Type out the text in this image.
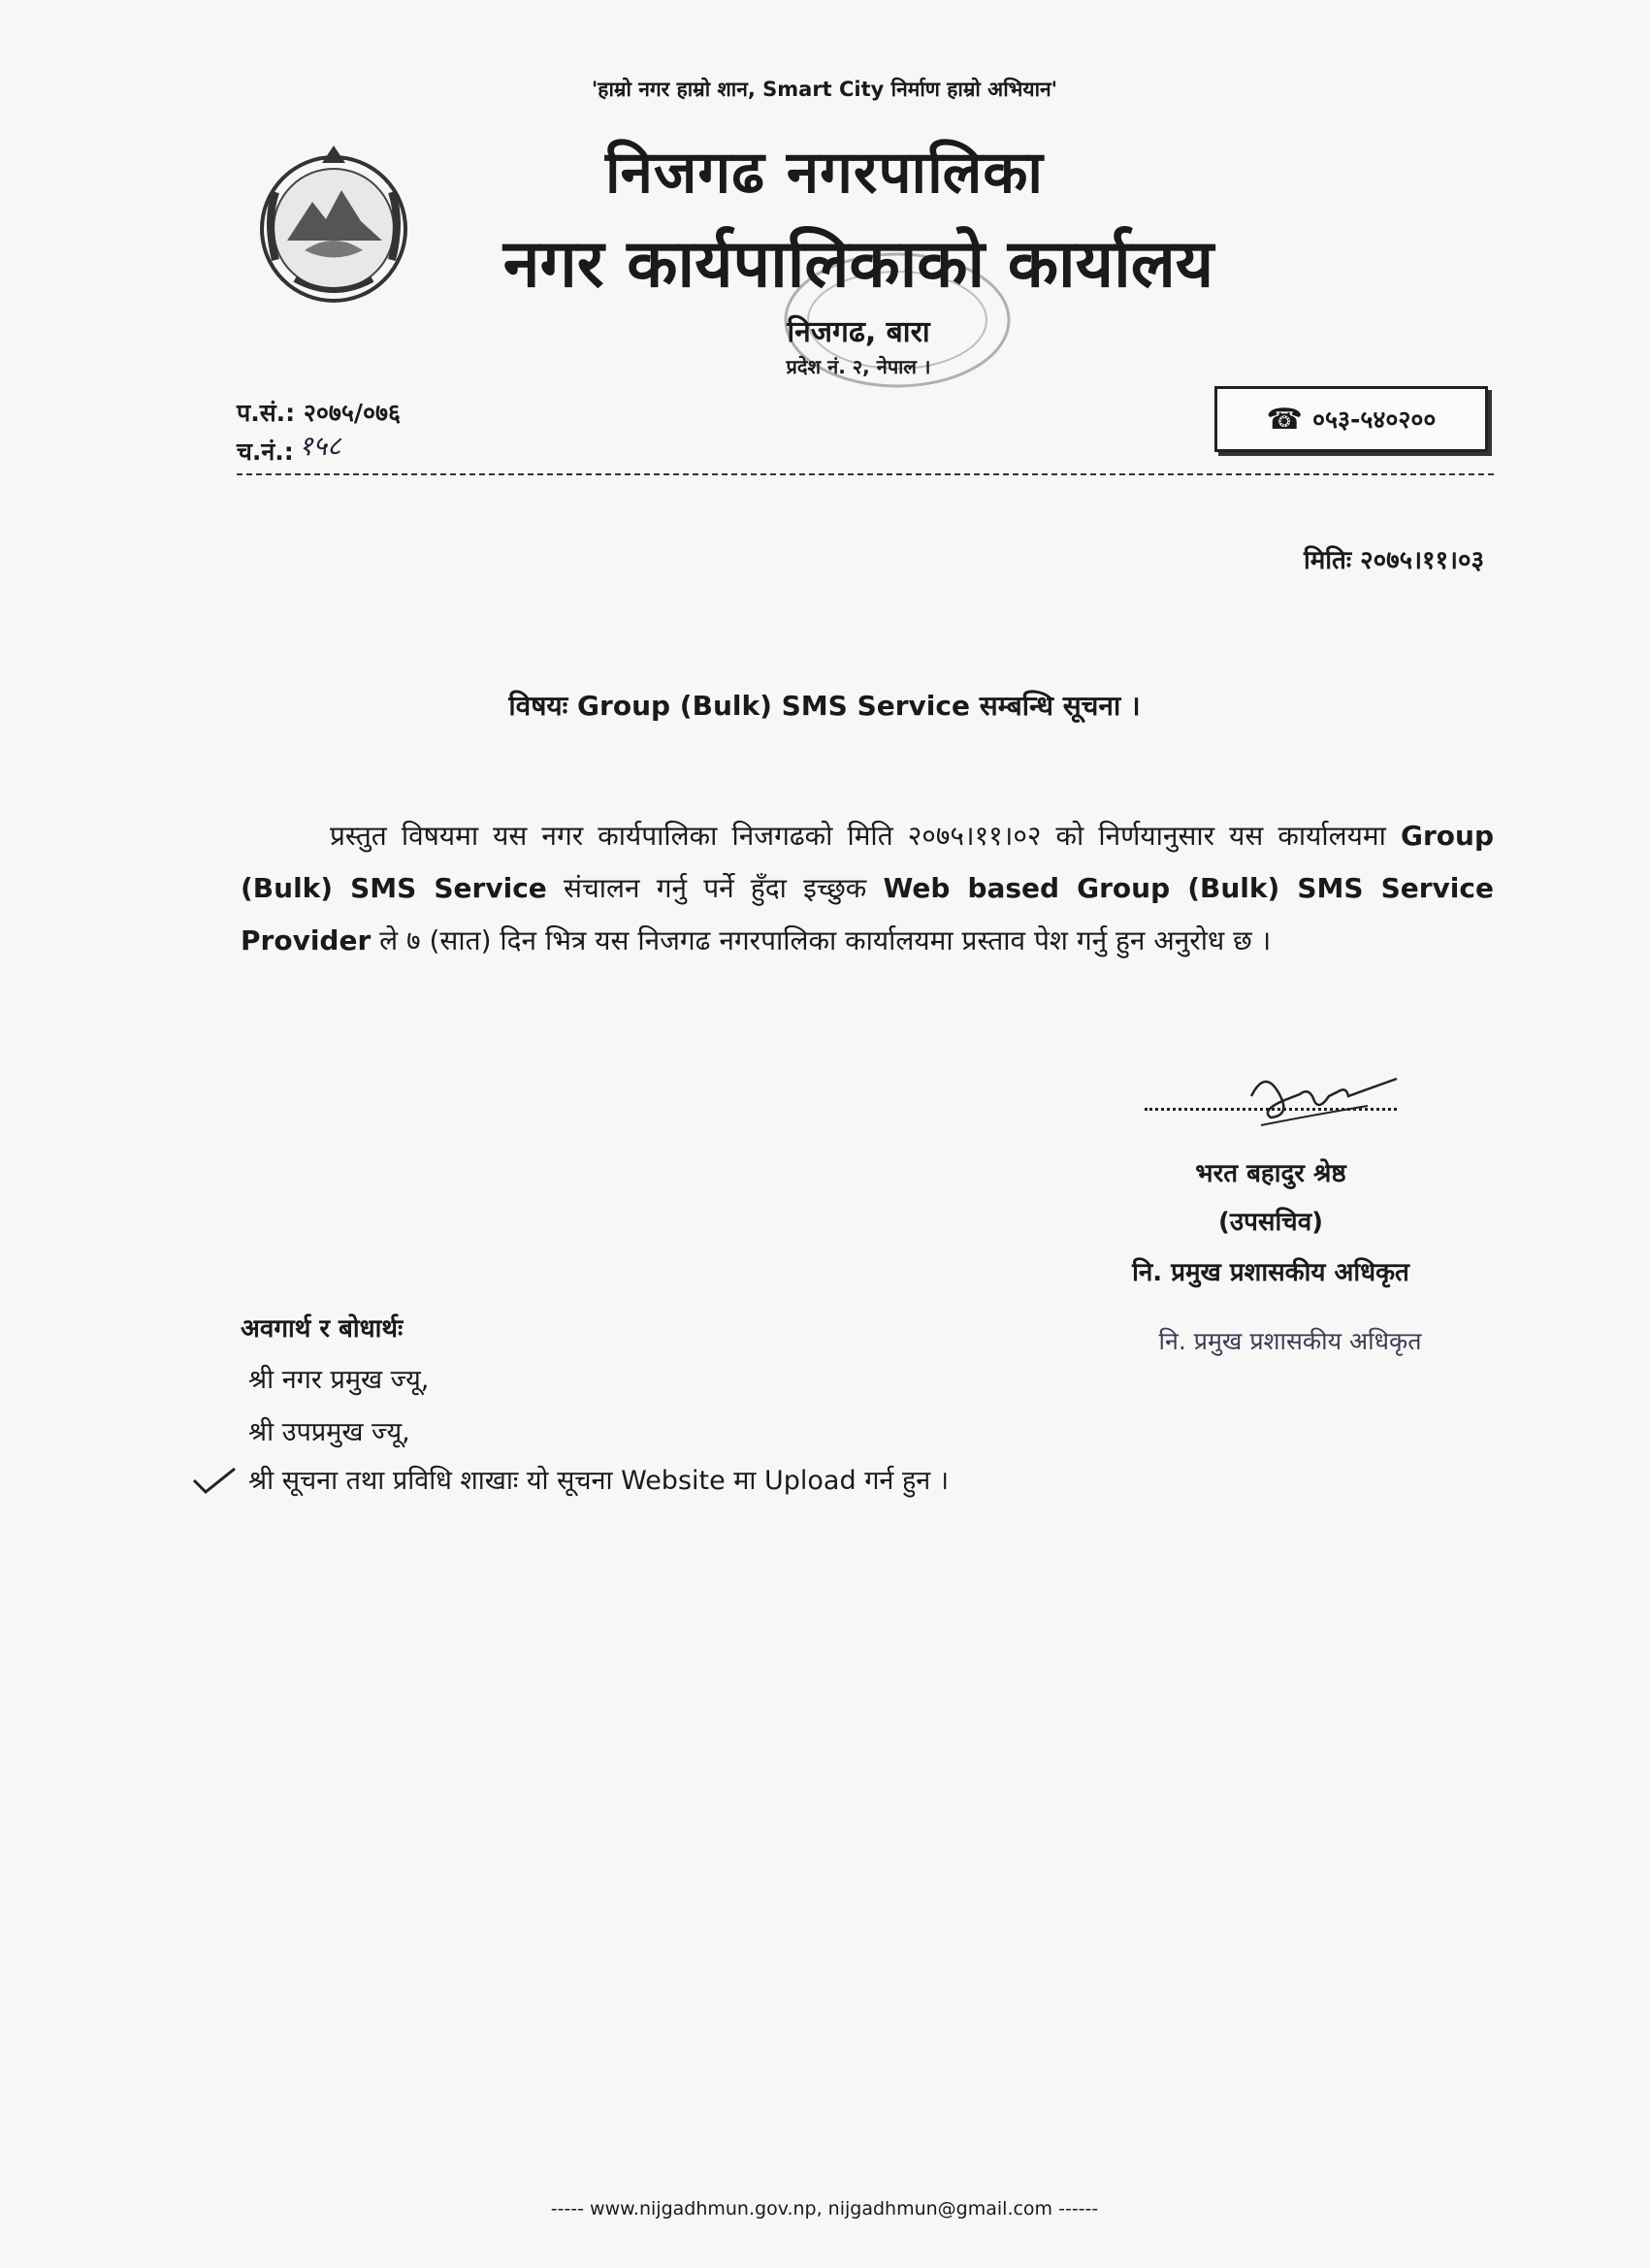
'हाम्रो नगर हाम्रो शान, Smart City निर्माण हाम्रो अभियान'
निजगढ नगरपालिका
नगर कार्यपालिकाको कार्यालय
निजगढ, बारा
प्रदेश नं. २, नेपाल ।
प.सं.: २०७५/०७६
च.नं.: १५८
☎ ०५३-५४०२००
मितिः २०७५।११।०३
विषयः Group (Bulk) SMS Service सम्बन्धि सूचना ।
प्रस्तुत विषयमा यस नगर कार्यपालिका निजगढको मिति २०७५।११।०२ को निर्णयानुसार यस कार्यालयमा Group (Bulk) SMS Service संचालन गर्नु पर्ने हुँदा इच्छुक Web based Group (Bulk) SMS Service Provider ले ७ (सात) दिन भित्र यस निजगढ नगरपालिका कार्यालयमा प्रस्ताव पेश गर्नु हुन अनुरोध छ ।
भरत बहादुर श्रेष्ठ
(उपसचिव)
नि. प्रमुख प्रशासकीय अधिकृत
नि. प्रमुख प्रशासकीय अधिकृत
अवगार्थ र बोधार्थः
श्री नगर प्रमुख ज्यू,
श्री उपप्रमुख ज्यू,
श्री सूचना तथा प्रविधि शाखाः यो सूचना Website मा Upload गर्न हुन ।
----- www.nijgadhmun.gov.np, nijgadhmun@gmail.com ------
